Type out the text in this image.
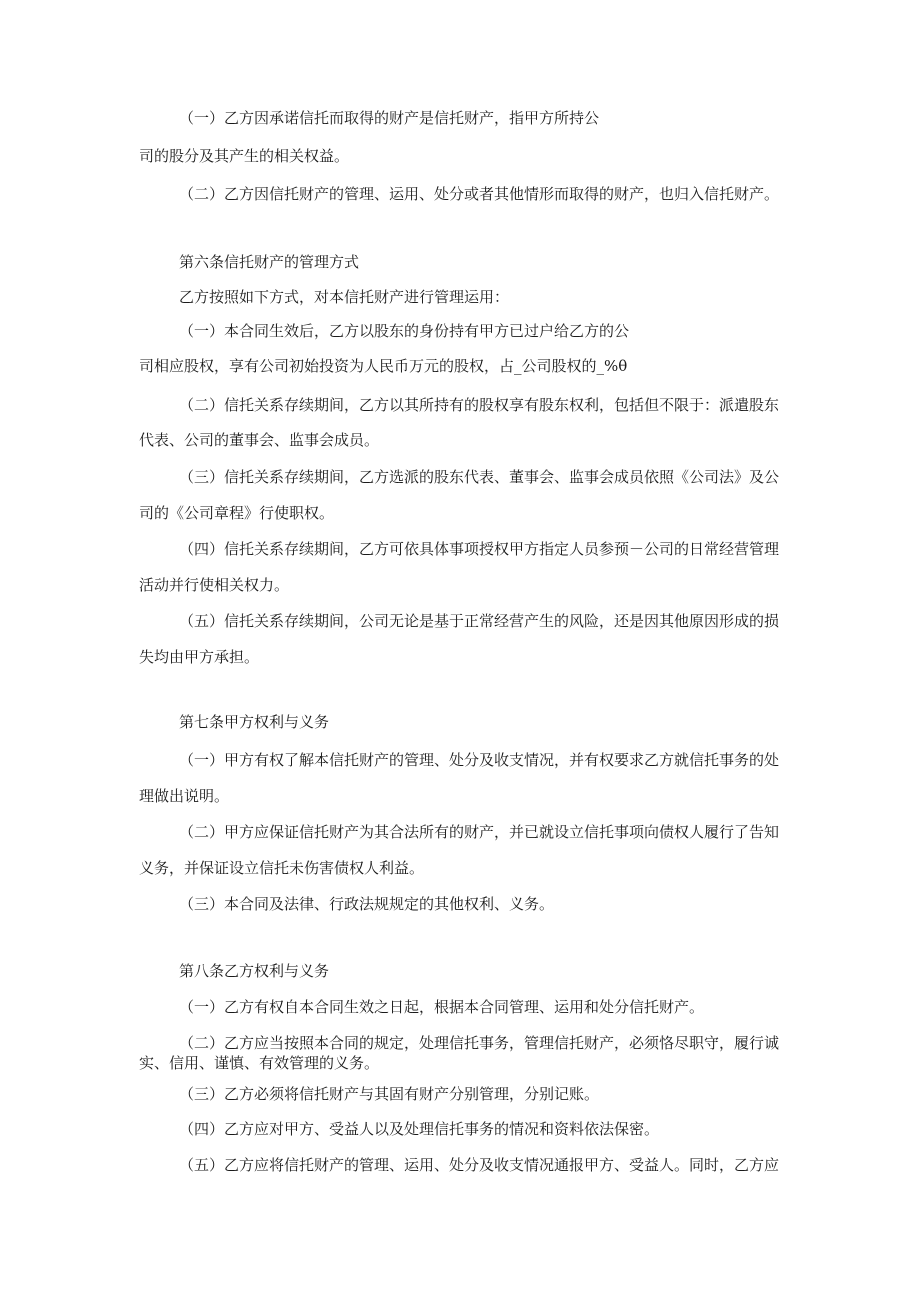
（一）乙方因承诺信托而取得的财产是信托财产，指甲方所持公
司的股分及其产生的相关权益。
（二）乙方因信托财产的管理、运用、处分或者其他情形而取得的财产，也归入信托财产。
第六条信托财产的管理方式
乙方按照如下方式，对本信托财产进行管理运用：
（一）本合同生效后，乙方以股东的身份持有甲方已过户给乙方的公
司相应股权，享有公司初始投资为人民币万元的股权，占_公司股权的_%θ
（二）信托关系存续期间，乙方以其所持有的股权享有股东权利，包括但不限于：派遣股东
代表、公司的董事会、监事会成员。
（三）信托关系存续期间，乙方选派的股东代表、董事会、监事会成员依照《公司法》及公
司的《公司章程》行使职权。
（四）信托关系存续期间，乙方可依具体事项授权甲方指定人员参预－公司的日常经营管理
活动并行使相关权力。
（五）信托关系存续期间，公司无论是基于正常经营产生的风险，还是因其他原因形成的损
失均由甲方承担。
第七条甲方权利与义务
（一）甲方有权了解本信托财产的管理、处分及收支情况，并有权要求乙方就信托事务的处
理做出说明。
（二）甲方应保证信托财产为其合法所有的财产，并已就设立信托事项向债权人履行了告知
义务，并保证设立信托未伤害债权人利益。
（三）本合同及法律、行政法规规定的其他权利、义务。
第八条乙方权利与义务
（一）乙方有权自本合同生效之日起，根据本合同管理、运用和处分信托财产。
（二）乙方应当按照本合同的规定，处理信托事务，管理信托财产，必须恪尽职守，履行诚
实、信用、谨慎、有效管理的义务。
（三）乙方必须将信托财产与其固有财产分别管理，分别记账。
（四）乙方应对甲方、受益人以及处理信托事务的情况和资料依法保密。
（五）乙方应将信托财产的管理、运用、处分及收支情况通报甲方、受益人。同时，乙方应
